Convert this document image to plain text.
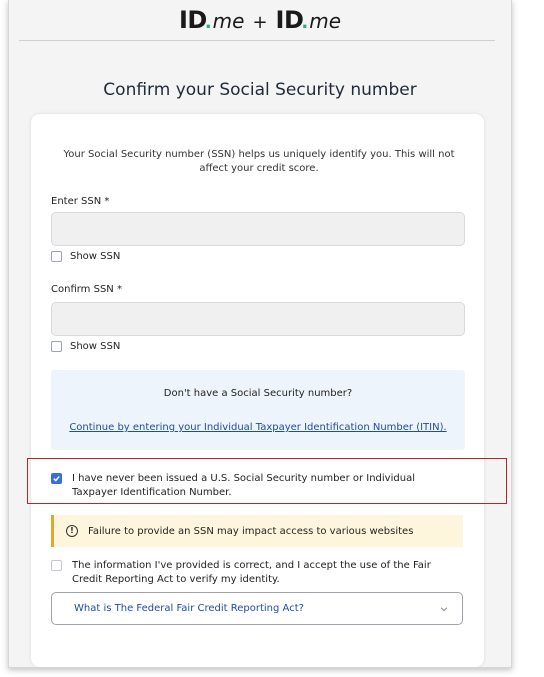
ID.me + ID.me
Confirm your Social Security number
Your Social Security number (SSN) helps us uniquely identify you. This will not affect your credit score.
Enter SSN *
Show SSN
Confirm SSN *
Show SSN
Don't have a Social Security number?
Continue by entering your Individual Taxpayer Identification Number (ITIN).
I have never been issued a U.S. Social Security number or Individual Taxpayer Identification Number.
!	Failure to provide an SSN may impact access to various websites
The information I've provided is correct, and I accept the use of the Fair Credit Reporting Act to verify my identity.
What is The Federal Fair Credit Reporting Act?
